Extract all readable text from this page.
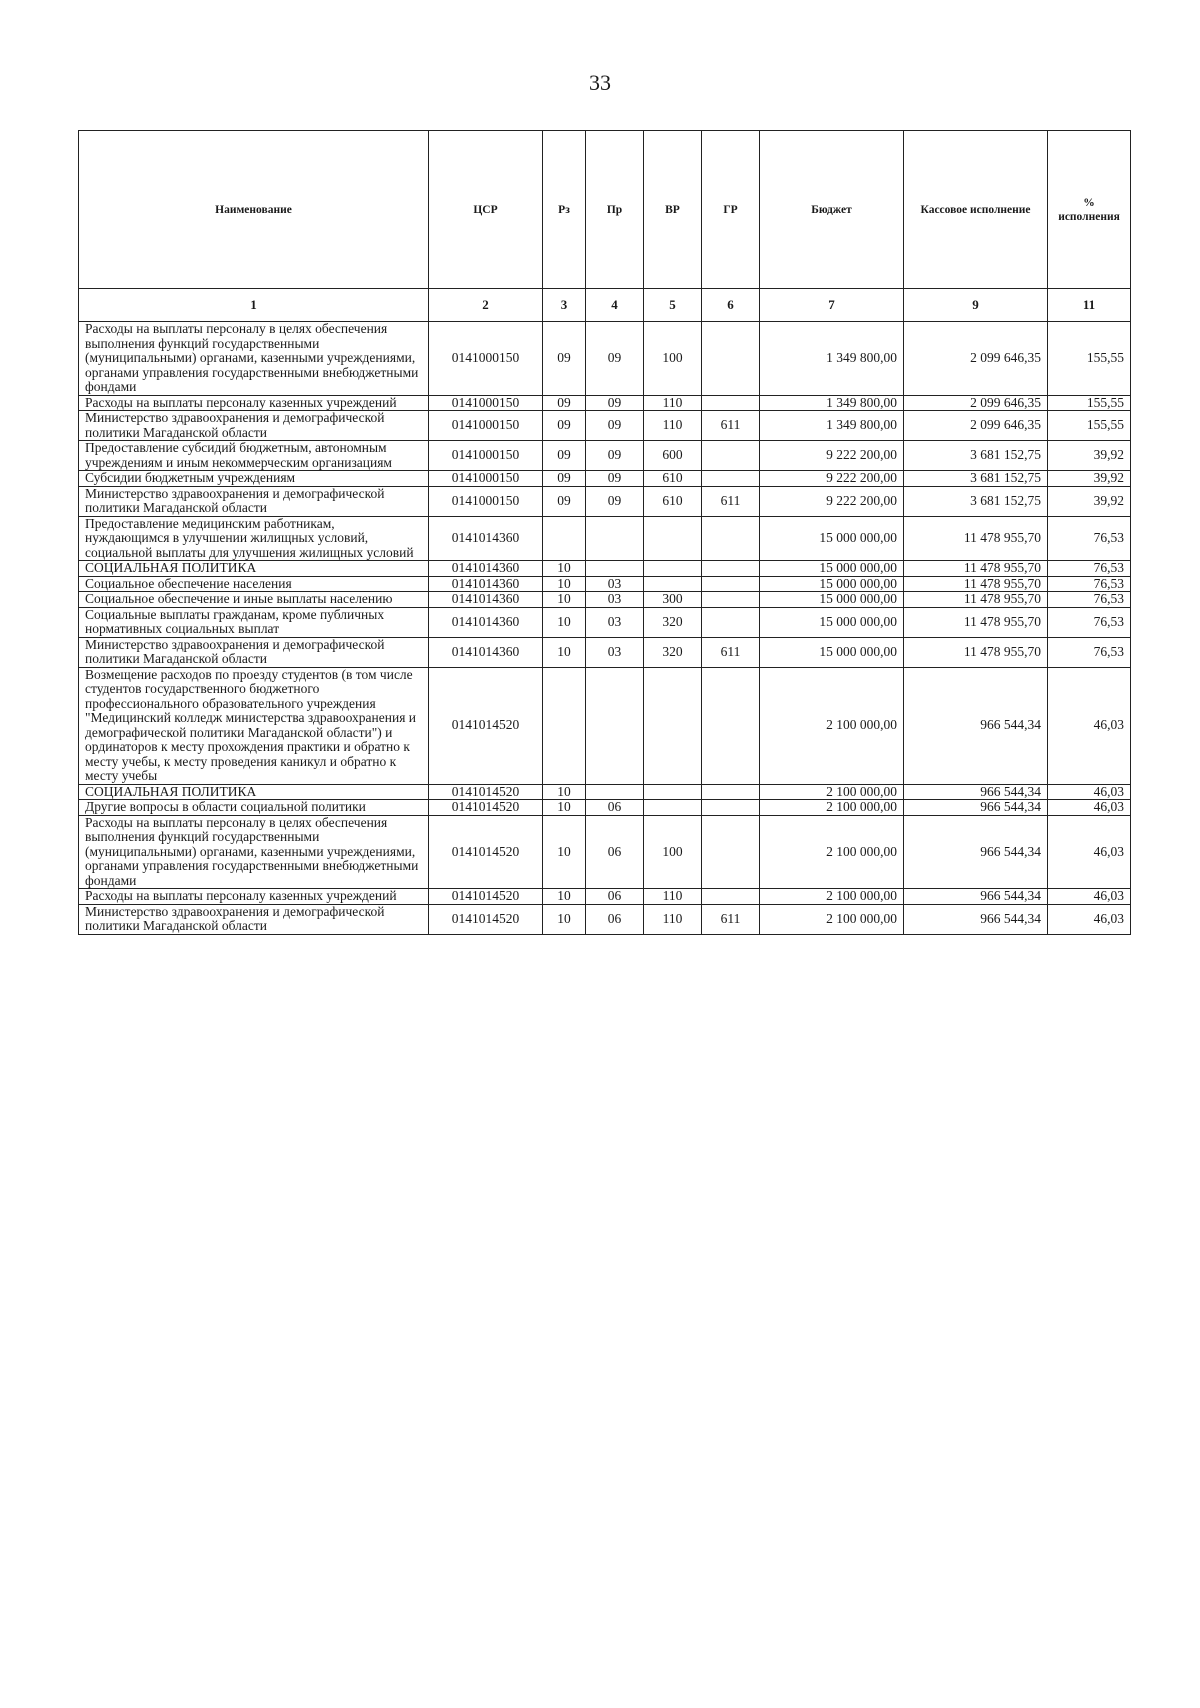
33
Наименование	ЦСР	Рз	Пр	ВР	ГР	Бюджет	Кассовое исполнение	% исполнения
1	2	3	4	5	6	7	9	11
Расходы на выплаты персоналу в целях обеспечения выполнения функций государственными (муниципальными) органами, казенными учреждениями, органами управления государственными внебюджетными фондами	0141000150	09	09	100		1 349 800,00	2 099 646,35	155,55
Расходы на выплаты персоналу казенных учреждений	0141000150	09	09	110		1 349 800,00	2 099 646,35	155,55
Министерство здравоохранения и демографической политики Магаданской области	0141000150	09	09	110	611	1 349 800,00	2 099 646,35	155,55
Предоставление субсидий бюджетным, автономным учреждениям и иным некоммерческим организациям	0141000150	09	09	600		9 222 200,00	3 681 152,75	39,92
Субсидии бюджетным учреждениям	0141000150	09	09	610		9 222 200,00	3 681 152,75	39,92
Министерство здравоохранения и демографической политики Магаданской области	0141000150	09	09	610	611	9 222 200,00	3 681 152,75	39,92
Предоставление медицинским работникам, нуждающимся в улучшении жилищных условий, социальной выплаты для улучшения жилищных условий	0141014360					15 000 000,00	11 478 955,70	76,53
СОЦИАЛЬНАЯ ПОЛИТИКА	0141014360	10				15 000 000,00	11 478 955,70	76,53
Социальное обеспечение населения	0141014360	10	03			15 000 000,00	11 478 955,70	76,53
Социальное обеспечение и иные выплаты населению	0141014360	10	03	300		15 000 000,00	11 478 955,70	76,53
Социальные выплаты гражданам, кроме публичных нормативных социальных выплат	0141014360	10	03	320		15 000 000,00	11 478 955,70	76,53
Министерство здравоохранения и демографической политики Магаданской области	0141014360	10	03	320	611	15 000 000,00	11 478 955,70	76,53
Возмещение расходов по проезду студентов (в том числе студентов государственного бюджетного профессионального образовательного учреждения "Медицинский колледж министерства здравоохранения и демографической политики Магаданской области") и ординаторов к месту прохождения практики и обратно к месту учебы, к месту проведения каникул и обратно к месту учебы	0141014520					2 100 000,00	966 544,34	46,03
СОЦИАЛЬНАЯ ПОЛИТИКА	0141014520	10				2 100 000,00	966 544,34	46,03
Другие вопросы в области социальной политики	0141014520	10	06			2 100 000,00	966 544,34	46,03
Расходы на выплаты персоналу в целях обеспечения выполнения функций государственными (муниципальными) органами, казенными учреждениями, органами управления государственными внебюджетными фондами	0141014520	10	06	100		2 100 000,00	966 544,34	46,03
Расходы на выплаты персоналу казенных учреждений	0141014520	10	06	110		2 100 000,00	966 544,34	46,03
Министерство здравоохранения и демографической политики Магаданской области	0141014520	10	06	110	611	2 100 000,00	966 544,34	46,03
